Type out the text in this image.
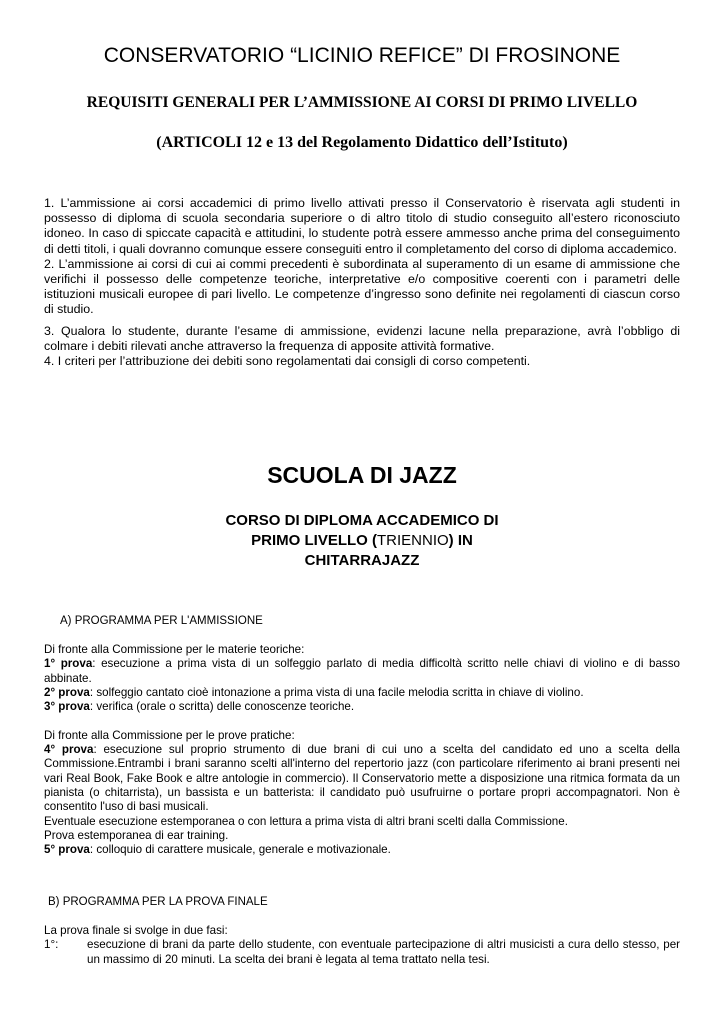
CONSERVATORIO “LICINIO REFICE” DI FROSINONE
REQUISITI GENERALI PER L’AMMISSIONE AI CORSI DI PRIMO LIVELLO
(ARTICOLI 12 e 13 del Regolamento Didattico dell’Istituto)

1. L’ammissione ai corsi accademici di primo livello attivati presso il Conservatorio è riservata agli studenti in possesso di diploma di scuola secondaria superiore o di altro titolo di studio conseguito all’estero riconosciuto idoneo. In caso di spiccate capacità e attitudini, lo studente potrà essere ammesso anche prima del conseguimento di detti titoli, i quali dovranno comunque essere conseguiti entro il completamento del corso di diploma accademico.

2. L’ammissione ai corsi di cui ai commi precedenti è subordinata al superamento di un esame di ammissione che verifichi il possesso delle competenze teoriche, interpretative e/o compositive coerenti con i parametri delle istituzioni musicali europee di pari livello. Le competenze d’ingresso sono definite nei regolamenti di ciascun corso di studio.

3. Qualora lo studente, durante l’esame di ammissione, evidenzi lacune nella preparazione, avrà l’obbligo di colmare i debiti rilevati anche attraverso la frequenza di apposite attività formative.

4. I criteri per l’attribuzione dei debiti sono regolamentati dai consigli di corso competenti.

SCUOLA DI JAZZ
CORSO DI DIPLOMA ACCADEMICO DI
PRIMO LIVELLO (TRIENNIO) IN
CHITARRAJAZZ
A) PROGRAMMA PER L'AMMISSIONE

Di fronte alla Commissione per le materie teoriche:

1° prova: esecuzione a prima vista di un solfeggio parlato di media difficoltà scritto nelle chiavi di violino e di basso abbinate.

2° prova: solfeggio cantato cioè intonazione a prima vista di una facile melodia scritta in chiave di violino.

3° prova: verifica (orale o scritta) delle conoscenze teoriche.

Di fronte alla Commissione per le prove pratiche:

4° prova: esecuzione sul proprio strumento di due brani di cui uno a scelta del candidato ed uno a scelta della Commissione.Entrambi i brani saranno scelti all'interno del repertorio jazz (con particolare riferimento ai brani presenti nei vari Real Book, Fake Book e altre antologie in commercio). Il Conservatorio mette a disposizione una ritmica formata da un pianista (o chitarrista), un bassista e un batterista: il candidato può usufruirne o portare propri accompagnatori. Non è consentito l'uso di basi musicali.

Eventuale esecuzione estemporanea o con lettura a prima vista di altri brani scelti dalla Commissione.

Prova estemporanea di ear training.

5° prova: colloquio di carattere musicale, generale e motivazionale.

B) PROGRAMMA PER LA PROVA FINALE

La prova finale si svolge in due fasi:

1°:	esecuzione di brani da parte dello studente, con eventuale partecipazione di altri musicisti a cura dello stesso, per un massimo di 20 minuti. La scelta dei brani è legata al tema trattato nella tesi.
